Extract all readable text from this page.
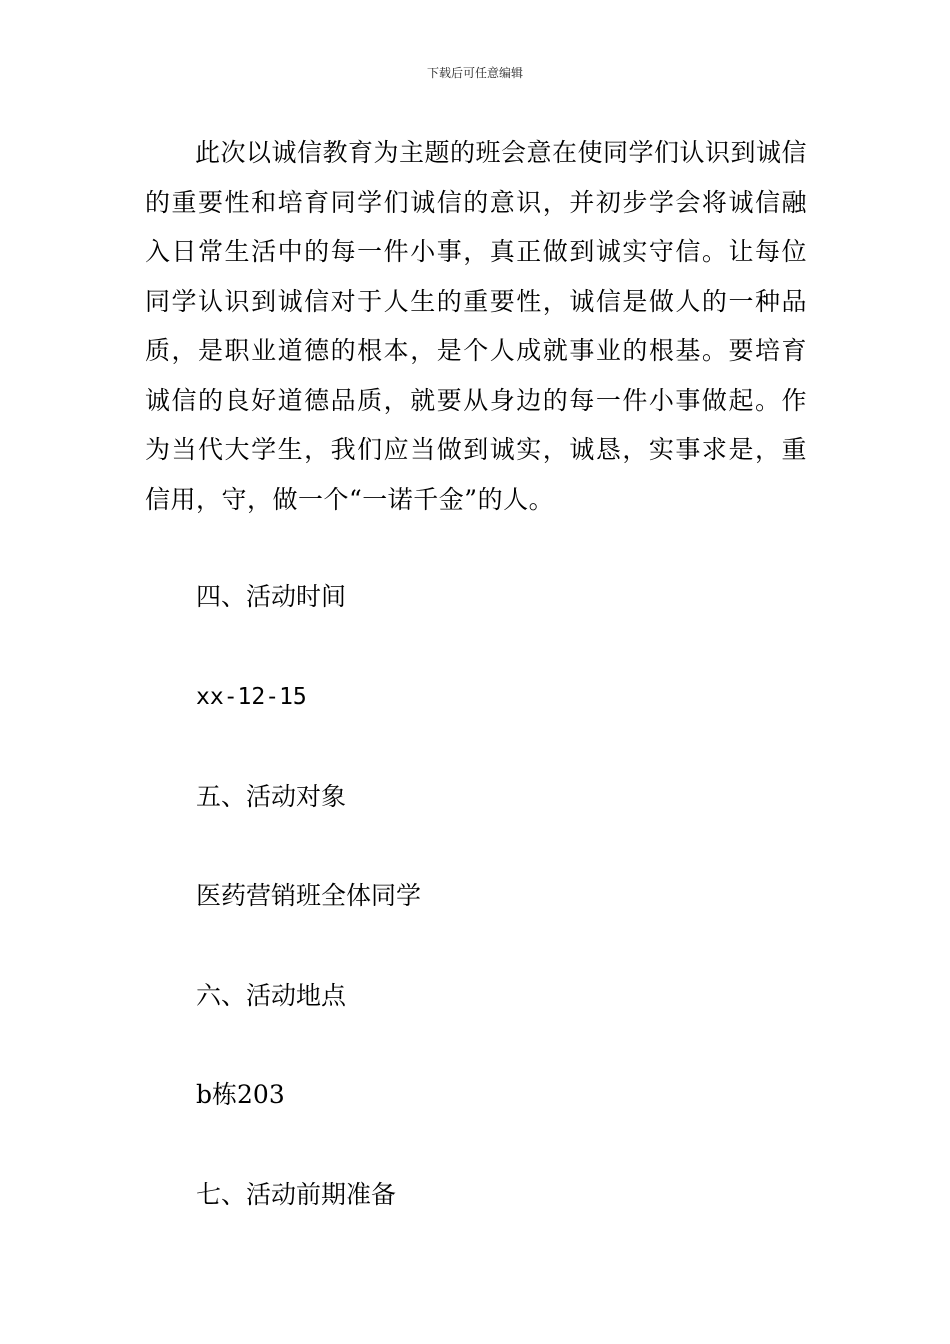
下载后可任意编辑

此次以诚信教育为主题的班会意在使同学们认识到诚信的重要性和培育同学们诚信的意识，并初步学会将诚信融入日常生活中的每一件小事，真正做到诚实守信。让每位同学认识到诚信对于人生的重要性，诚信是做人的一种品质，是职业道德的根本，是个人成就事业的根基。要培育诚信的良好道德品质，就要从身边的每一件小事做起。作为当代大学生，我们应当做到诚实，诚恳，实事求是，重信用，守，做一个“一诺千金”的人。

四、活动时间

xx-12-15

五、活动对象

医药营销班全体同学

六、活动地点

b栋203

七、活动前期准备
